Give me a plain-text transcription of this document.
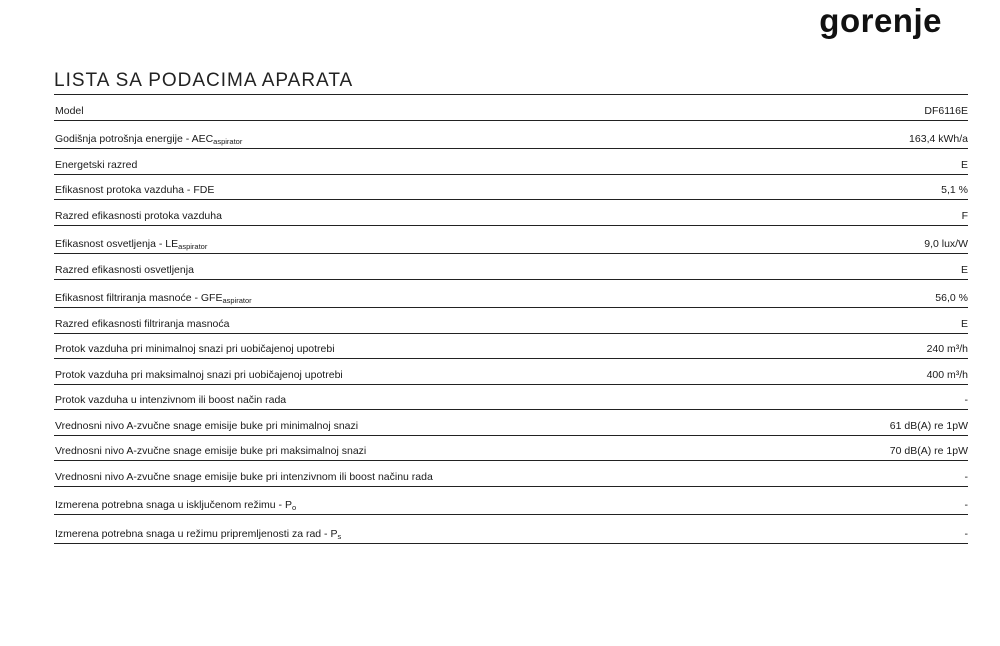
gorenje
LISTA SA PODACIMA APARATA
Model	DF6116E
Godišnja potrošnja energije - $AEC_{aspirator}$	163,4 kWh/a
Energetski razred	E
Efikasnost protoka vazduha - FDE	5,1 %
Razred efikasnosti protoka vazduha	F
Efikasnost osvetljenja - $LE_{aspirator}$	9,0 lux/W
Razred efikasnosti osvetljenja	E
Efikasnost filtriranja masnoće - $GFE_{aspirator}$	56,0 %
Razred efikasnosti filtriranja masnoća	E
Protok vazduha pri minimalnoj snazi pri uobičajenoj upotrebi	240 m³/h
Protok vazduha pri maksimalnoj snazi pri uobičajenoj upotrebi	400 m³/h
Protok vazduha u intenzivnom ili boost način rada	-
Vrednosni nivo A-zvučne snage emisije buke pri minimalnoj snazi	61 dB(A) re 1pW
Vrednosni nivo A-zvučne snage emisije buke pri maksimalnoj snazi	70 dB(A) re 1pW
Vrednosni nivo A-zvučne snage emisije buke pri intenzivnom ili boost načinu rada	-
Izmerena potrebna snaga u isključenom režimu - $P_o$	-
Izmerena potrebna snaga u režimu pripremljenosti za rad - $P_s$	-
